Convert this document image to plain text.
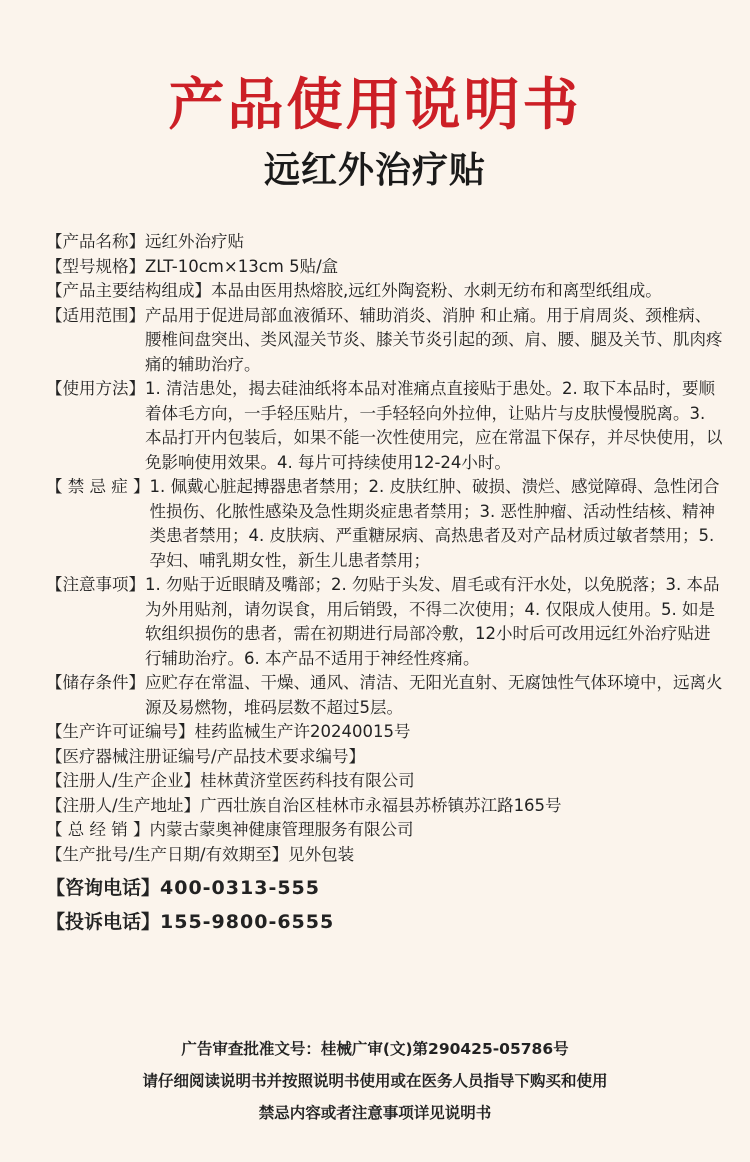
产品使用说明书
远红外治疗贴
【产品名称】 远红外治疗贴
【型号规格】 ZLT-10cm×13cm 5贴/盒
【产品主要结构组成】 本品由医用热熔胶,远红外陶瓷粉、水刺无纺布和离型纸组成。
【适用范围】 产品用于促进局部血液循环、辅助消炎、消肿 和止痛。用于肩周炎、颈椎病、腰椎间盘突出、类风湿关节炎、膝关节炎引起的颈、肩、腰、腿及关节、肌肉疼痛的辅助治疗。
【使用方法】 1. 清洁患处，揭去硅油纸将本品对准痛点直接贴于患处。2. 取下本品时，要顺着体毛方向，一手轻压贴片，一手轻轻向外拉伸，让贴片与皮肤慢慢脱离。3. 本品打开内包装后，如果不能一次性使用完，应在常温下保存，并尽快使用，以免影响使用效果。4. 每片可持续使用12-24小时。
【 禁 忌 症 】 1. 佩戴心脏起搏器患者禁用；2. 皮肤红肿、破损、溃烂、感觉障碍、急性闭合性损伤、化脓性感染及急性期炎症患者禁用；3. 恶性肿瘤、活动性结核、精神类患者禁用；4. 皮肤病、严重糖尿病、高热患者及对产品材质过敏者禁用；5. 孕妇、哺乳期女性，新生儿患者禁用；
【注意事项】 1. 勿贴于近眼睛及嘴部；2. 勿贴于头发、眉毛或有汗水处，以免脱落；3. 本品为外用贴剂，请勿误食，用后销毁，不得二次使用；4. 仅限成人使用。5. 如是软组织损伤的患者，需在初期进行局部冷敷，12小时后可改用远红外治疗贴进行辅助治疗。6. 本产品不适用于神经性疼痛。
【储存条件】 应贮存在常温、干燥、通风、清洁、无阳光直射、无腐蚀性气体环境中，远离火源及易燃物，堆码层数不超过5层。
【生产许可证编号】 桂药监械生产许20240015号
【医疗器械注册证编号/产品技术要求编号】
【注册人/生产企业】 桂林黄济堂医药科技有限公司
【注册人/生产地址】 广西壮族自治区桂林市永福县苏桥镇苏江路165号
【 总 经 销 】 内蒙古蒙奥神健康管理服务有限公司
【生产批号/生产日期/有效期至】 见外包装
【咨询电话】 400-0313-555
【投诉电话】 155-9800-6555
广告审查批准文号：桂械广审(文)第290425-05786号
请仔细阅读说明书并按照说明书使用或在医务人员指导下购买和使用
禁忌内容或者注意事项详见说明书
